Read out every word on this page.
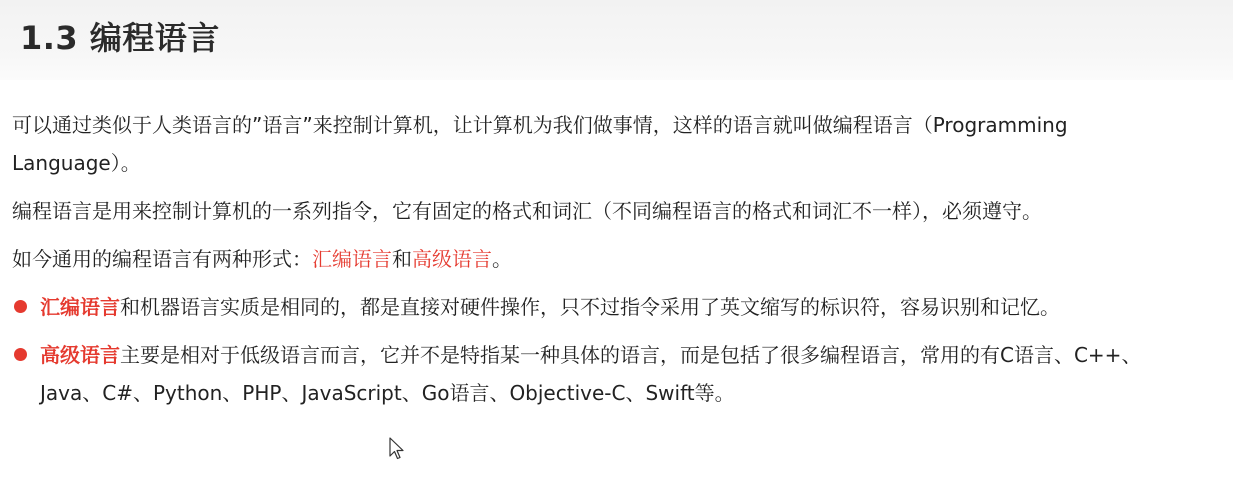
1.3 编程语言

可以通过类似于人类语言的”语言”来控制计算机，让计算机为我们做事情，这样的语言就叫做编程语言（Programming Language）。

编程语言是用来控制计算机的一系列指令，它有固定的格式和词汇（不同编程语言的格式和词汇不一样），必须遵守。

如今通用的编程语言有两种形式：汇编语言和高级语言。

汇编语言和机器语言实质是相同的，都是直接对硬件操作，只不过指令采用了英文缩写的标识符，容易识别和记忆。
高级语言主要是相对于低级语言而言，它并不是特指某一种具体的语言，而是包括了很多编程语言，常用的有C语言、C++、Java、C#、Python、PHP、JavaScript、Go语言、Objective-C、Swift等。
